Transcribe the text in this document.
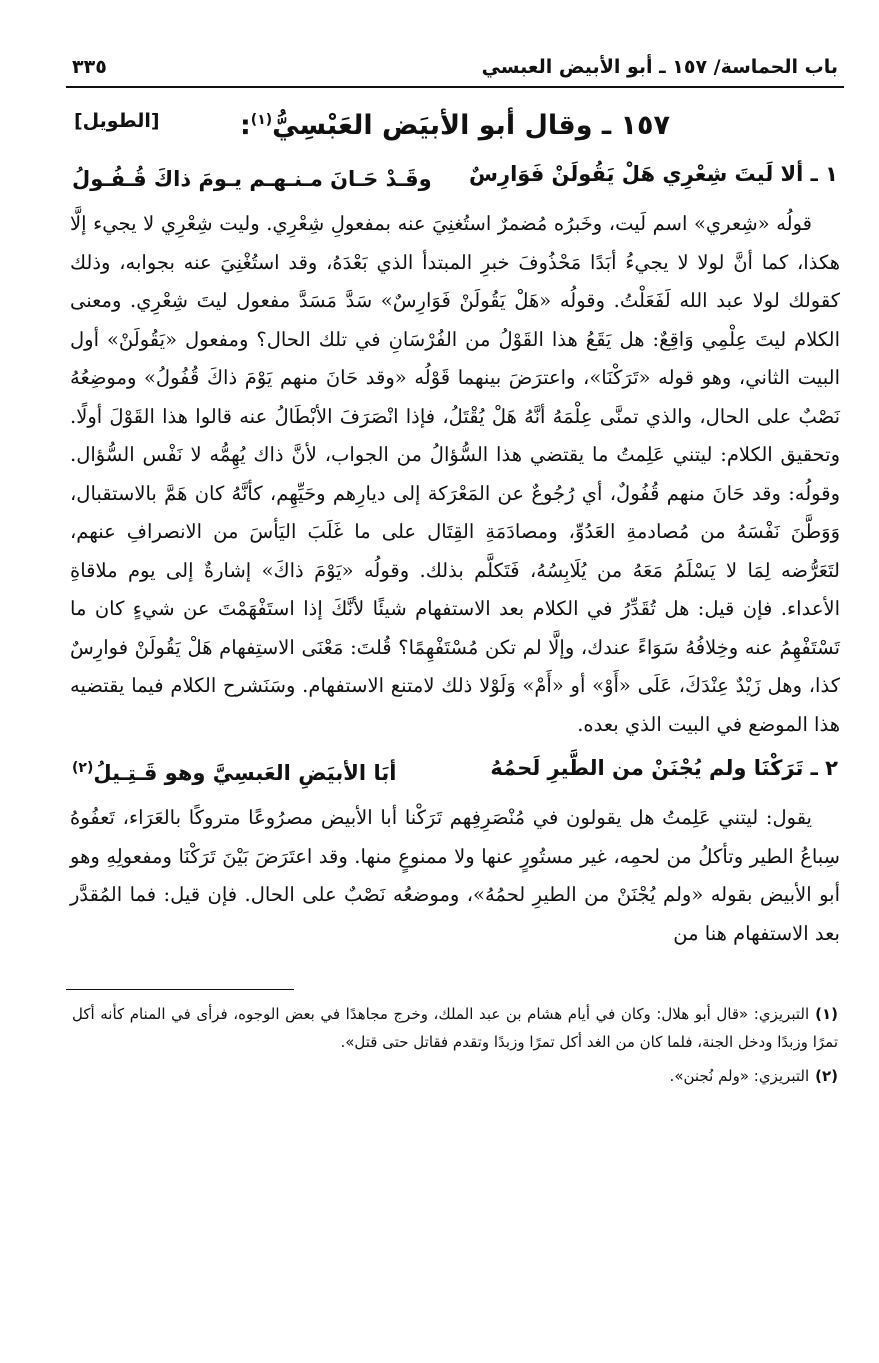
باب الحماسة/ ١٥٧ ـ أبو الأبيض العبسي
٣٣٥
١٥٧ ـ وقال أبو الأبيَض العَبْسِيُّ$^{(١)}$:
[الطويل]
١ ـ ألا لَيتَ شِعْرِي هَلْ يَقُولَنْ فَوَارِسٌ
وقَـدْ حَـانَ مـنـهـم يـومَ ذاكَ قُـفُـولُ

قولُه «شِعري» اسم لَيت، وخَبرُه مُضمرٌ استُغنِيَ عنه بمفعولِ شِعْرِي. وليت شِعْرِي لا يجيء إلَّا هكذا، كما أنَّ لولا لا يجيءُ أبَدًا مَحْذُوفَ خبرِ المبتدأ الذي بَعْدَهُ، وقد استُغْنِيَ عنه بجوابه، وذلك كقولك لولا عبد الله لَفَعَلْتُ. وقولُه «هَلْ يَقُولَنْ فَوَارِسٌ» سَدَّ مَسَدَّ مفعول ليتَ شِعْرِي. ومعنى الكلام ليتَ عِلْمِي وَاقِعٌ: هل يَقَعُ هذا القَوْلُ من الفُرْسَانِ في تلك الحال؟ ومفعول «يَقُولَنْ» أول البيت الثاني، وهو قوله «تَرَكْنَا»، واعترَضَ بينهما قَوْلُه «وقد حَانَ منهم يَوْمَ ذاكَ قُفُولُ» وموضِعُهُ نَصْبٌ على الحال، والذي تمنَّى عِلْمَهُ أنَّهُ هَلْ يُقْتَلُ، فإذا انْصَرَفَ الأبْطَالُ عنه قالوا هذا القَوْلَ أولًا. وتحقيق الكلام: ليتني عَلِمتُ ما يقتضي هذا السُّؤالُ من الجواب، لأنَّ ذاك يُهِمُّه لا نَفْس السُّؤال. وقولُه: وقد حَانَ منهم قُفُولٌ، أي رُجُوعٌ عن المَعْرَكة إلى ديارِهم وحَيِّهِم، كأنَّهُ كان هَمَّ بالاستقبال، وَوَطَّنَ نَفْسَهُ من مُصادمةِ العَدُوِّ، ومصادَمَةِ القِتَال على ما غَلَبَ اليَأسَ من الانصرافِ عنهم، لتَعَرُّضه لِمَا لا يَسْلَمُ مَعَهُ من يُلَابِسُهُ، فَتَكلَّم بذلك. وقولُه «يَوْمَ ذاكَ» إشارةٌ إلى يوم ملاقاةِ الأعداء. فإن قيل: هل تُقَدِّرُ في الكلام بعد الاستفهام شيئًا لأنَّكَ إذا استَفْهَمْتَ عن شيءٍ كان ما تَسْتَفْهِمُ عنه وخِلافُهُ سَوَاءً عندك، وإلَّا لم تكن مُسْتَفْهِمًا؟ قُلتَ: مَعْنَى الاستِفهام هَلْ يَقُولَنْ فوارِسٌ كذا، وهل زَيْدٌ عِنْدَكَ، عَلَى «أَوْ» أو «أَمْ» وَلَوْلا ذلك لامتنع الاستفهام. وسَنَشرح الكلام فيما يقتضيه هذا الموضع في البيت الذي بعده.

٢ ـ تَرَكْنَا ولم يُجْنَنْ من الطَّيرِ لَحمُهُ
أبَا الأبيَضِ العَبسِيَّ وهو قَـتِـيلُ$^{(٢)}$

يقول: ليتني عَلِمتُ هل يقولون في مُنْصَرِفِهم تَرَكْنا أبا الأبيض مصرُوعًا متروكًا بالعَرَاء، تَعفُوهُ سِباعُ الطير وتأكلُ من لحمِه، غير مستُورٍ عنها ولا ممنوعٍ منها. وقد اعتَرَضَ بَيْنَ تَرَكْنَا ومفعولِهِ وهو أبو الأبيض بقوله «ولم يُجْنَنْ من الطيرِ لحمُهُ»، وموضعُه نَصْبٌ على الحال. فإن قيل: فما المُقدَّر بعد الاستفهام هنا من

(١)التبريزي: «قال أبو هلال: وكان في أيام هشام بن عبد الملك، وخرج مجاهدًا في بعض الوجوه، فرأى في المنام كأنه أكل تمرًا وزبدًا ودخل الجنة، فلما كان من الغد أكل تمرًا وزبدًا وتقدم فقاتل حتى قتل».
(٢)التبريزي: «ولم نُجنن».
